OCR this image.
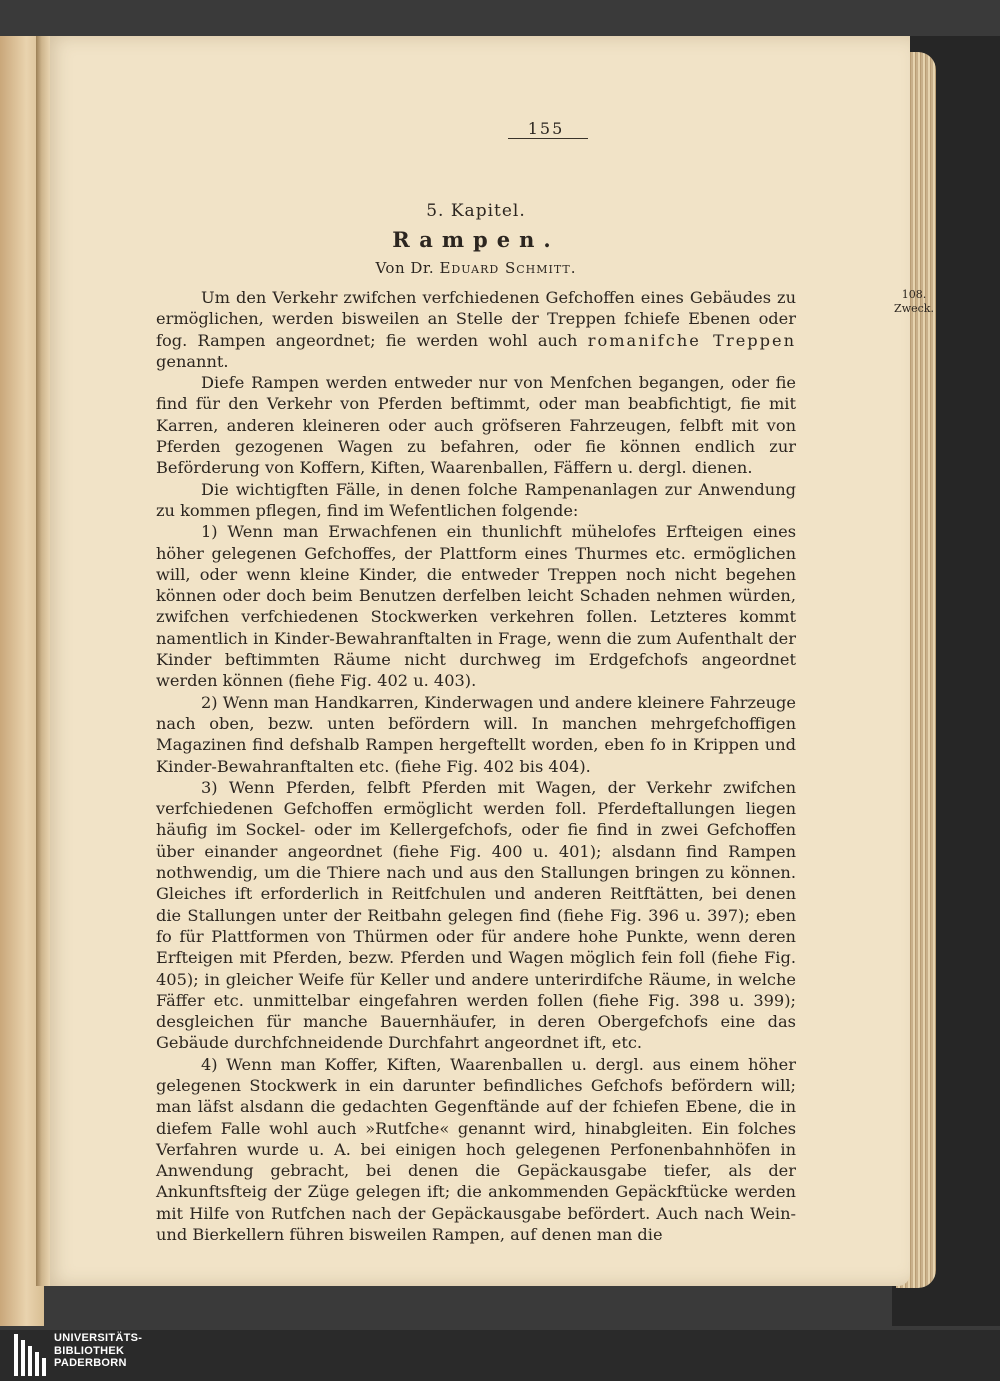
155
5. Kapitel.
Rampen.
Von Dr. Eduard Schmitt.

Um den Verkehr zwifchen verfchiedenen Gefchoffen eines Gebäudes zu ermöglichen, werden bisweilen an Stelle der Treppen fchiefe Ebenen oder fog. Rampen angeordnet; fie werden wohl auch romanifche Treppen genannt.

Diefe Rampen werden entweder nur von Menfchen begangen, oder fie find für den Verkehr von Pferden beftimmt, oder man beabfichtigt, fie mit Karren, anderen kleineren oder auch gröfseren Fahrzeugen, felbft mit von Pferden gezogenen Wagen zu befahren, oder fie können endlich zur Beförderung von Koffern, Kiften, Waarenballen, Fäffern u. dergl. dienen.

Die wichtigften Fälle, in denen folche Rampenanlagen zur Anwendung zu kommen pflegen, find im Wefentlichen folgende:

1) Wenn man Erwachfenen ein thunlichft mühelofes Erfteigen eines höher gelegenen Gefchoffes, der Plattform eines Thurmes etc. ermöglichen will, oder wenn kleine Kinder, die entweder Treppen noch nicht begehen können oder doch beim Benutzen derfelben leicht Schaden nehmen würden, zwifchen verfchiedenen Stockwerken verkehren follen. Letzteres kommt namentlich in Kinder-Bewahranftalten in Frage, wenn die zum Aufenthalt der Kinder beftimmten Räume nicht durchweg im Erdgefchofs angeordnet werden können (fiehe Fig. 402 u. 403).

2) Wenn man Handkarren, Kinderwagen und andere kleinere Fahrzeuge nach oben, bezw. unten befördern will. In manchen mehrgefchoffigen Magazinen find defshalb Rampen hergeftellt worden, eben fo in Krippen und Kinder-Bewahranftalten etc. (fiehe Fig. 402 bis 404).

3) Wenn Pferden, felbft Pferden mit Wagen, der Verkehr zwifchen verfchiedenen Gefchoffen ermöglicht werden foll. Pferdeftallungen liegen häufig im Sockel- oder im Kellergefchofs, oder fie find in zwei Gefchoffen über einander angeordnet (fiehe Fig. 400 u. 401); alsdann find Rampen nothwendig, um die Thiere nach und aus den Stallungen bringen zu können. Gleiches ift erforderlich in Reitfchulen und anderen Reitftätten, bei denen die Stallungen unter der Reitbahn gelegen find (fiehe Fig. 396 u. 397); eben fo für Plattformen von Thürmen oder für andere hohe Punkte, wenn deren Erfteigen mit Pferden, bezw. Pferden und Wagen möglich fein foll (fiehe Fig. 405); in gleicher Weife für Keller und andere unterirdifche Räume, in welche Fäffer etc. unmittelbar eingefahren werden follen (fiehe Fig. 398 u. 399); desgleichen für manche Bauernhäufer, in deren Obergefchofs eine das Gebäude durchfchneidende Durchfahrt angeordnet ift, etc.

4) Wenn man Koffer, Kiften, Waarenballen u. dergl. aus einem höher gelegenen Stockwerk in ein darunter befindliches Gefchofs befördern will; man läfst alsdann die gedachten Gegenftände auf der fchiefen Ebene, die in diefem Falle wohl auch »Rutfche« genannt wird, hinabgleiten. Ein folches Verfahren wurde u. A. bei einigen hoch gelegenen Perfonenbahnhöfen in Anwendung gebracht, bei denen die Gepäckausgabe tiefer, als der Ankunftsfteig der Züge gelegen ift; die ankommenden Gepäckftücke werden mit Hilfe von Rutfchen nach der Gepäckausgabe befördert. Auch nach Wein- und Bierkellern führen bisweilen Rampen, auf denen man die

108.
Zweck.
UNIVERSITÄTS-
BIBLIOTHEK
PADERBORN
